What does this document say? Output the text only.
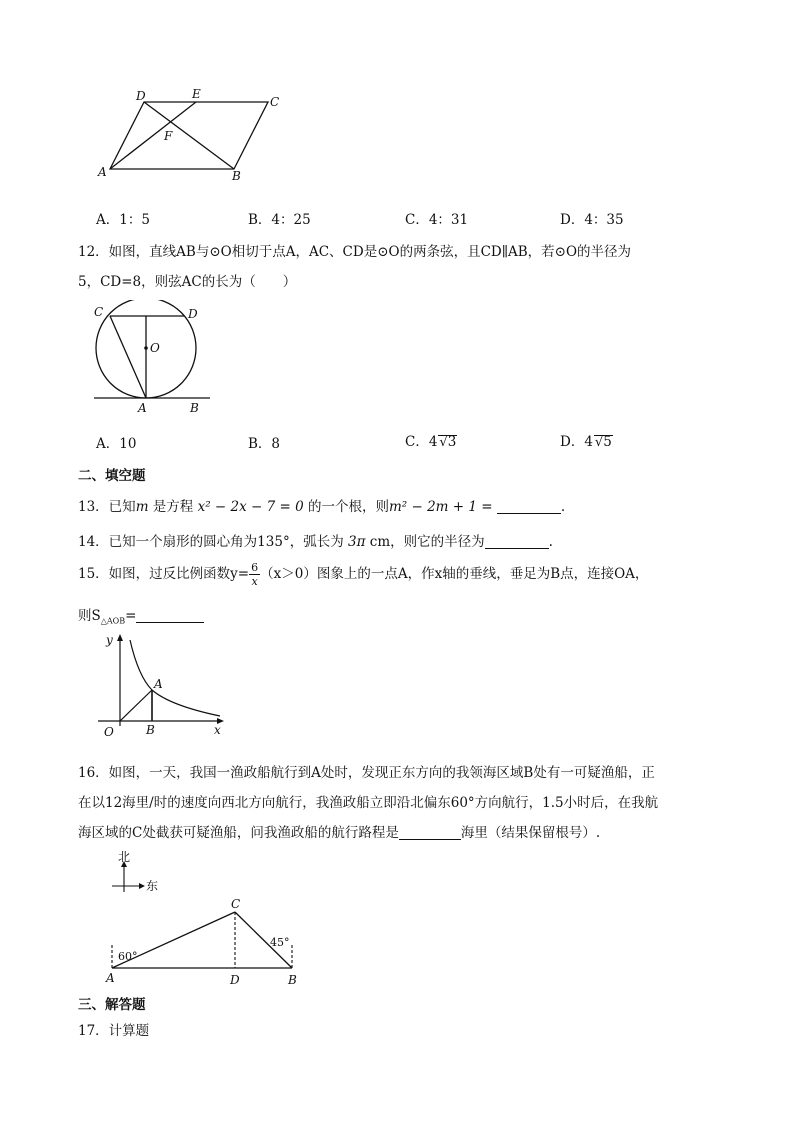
D	E
C
F
A	B
A．1：5	B．4：25	C．4：31	D．4：35
12．如图，直线AB与⊙O相切于点A，AC、CD是⊙O的两条弦，且CD∥AB，若⊙O的半径为
5，CD=8，则弦AC的长为（　　）
C	D
O
A	B
A．10	B．8	C．4 √3	D．4 √5
二、填空题
13．已知m 是方程 x² − 2x − 7 = 0 的一个根，则m² − 2m + 1 =	.
14．已知一个扇形的圆心角为135°，弧长为 3π cm，则它的半径为	.
15．如图，过反比例函数$y= \frac{6}{x} (x>0)$图象上的一点A，作x轴的垂线，垂足为B点，连接OA，
则$S_{\triangle AOB}=$
y
x
O
A
B
16．如图，一天，我国一渔政船航行到A处时，发现正东方向的我领海区域B处有一可疑渔船，正
在以12海里/时的速度向西北方向航行，我渔政船立即沿北偏东60°方向航行，1.5小时后，在我航
海区域的C处截获可疑渔船，问我渔政船的航行路程是	海里（结果保留根号）.
北
东
C
A	D	B
60°
45°
三、解答题
17．计算题
